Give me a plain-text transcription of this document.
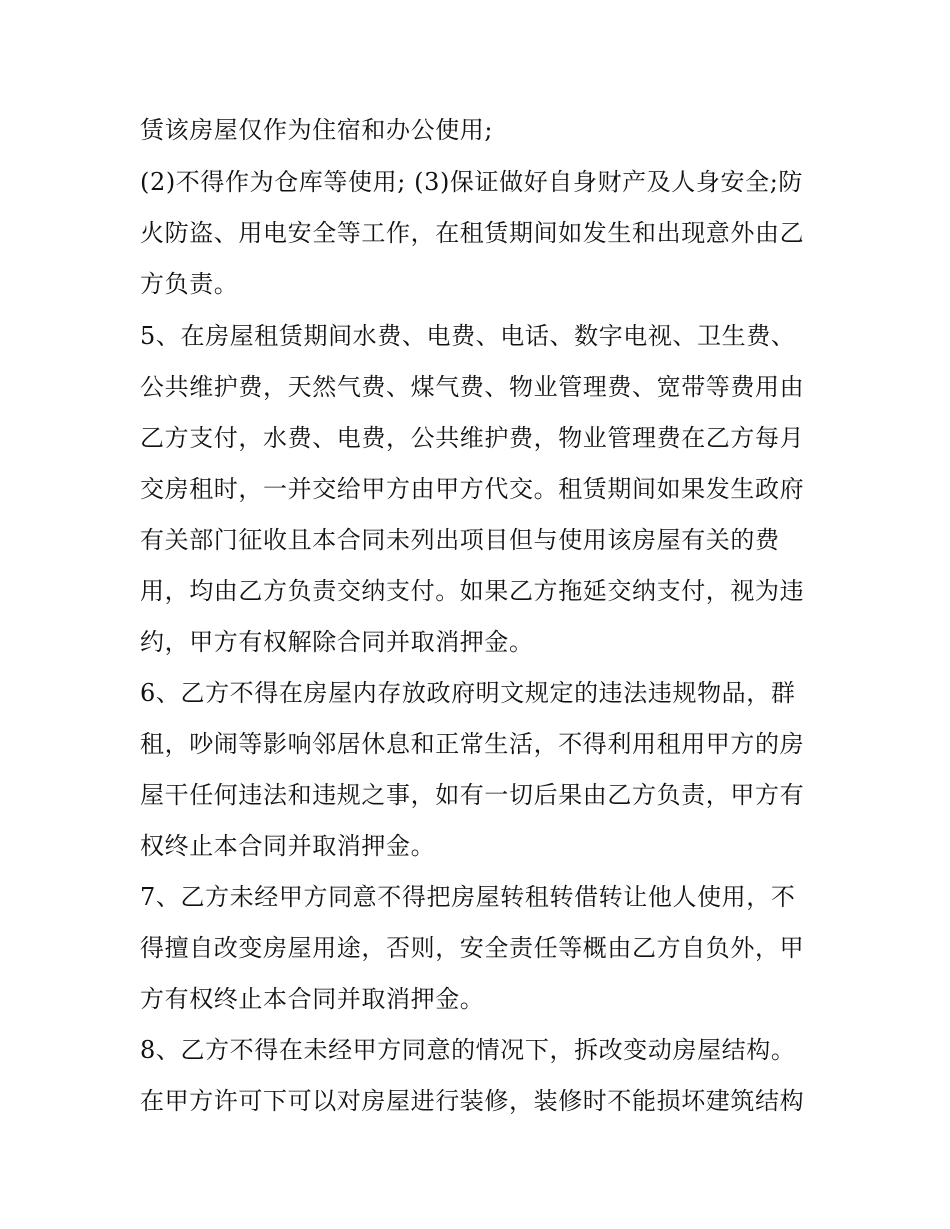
赁该房屋仅作为住宿和办公使用;
(2)不得作为仓库等使用; (3)保证做好自身财产及人身安全;防
火防盗、用电安全等工作，在租赁期间如发生和出现意外由乙
方负责。
5、在房屋租赁期间水费、电费、电话、数字电视、卫生费、
公共维护费，天然气费、煤气费、物业管理费、宽带等费用由
乙方支付，水费、电费，公共维护费，物业管理费在乙方每月
交房租时，一并交给甲方由甲方代交。租赁期间如果发生政府
有关部门征收且本合同未列出项目但与使用该房屋有关的费
用，均由乙方负责交纳支付。如果乙方拖延交纳支付，视为违
约，甲方有权解除合同并取消押金。
6、乙方不得在房屋内存放政府明文规定的违法违规物品，群
租，吵闹等影响邻居休息和正常生活，不得利用租用甲方的房
屋干任何违法和违规之事，如有一切后果由乙方负责，甲方有
权终止本合同并取消押金。
7、乙方未经甲方同意不得把房屋转租转借转让他人使用，不
得擅自改变房屋用途，否则，安全责任等概由乙方自负外，甲
方有权终止本合同并取消押金。
8、乙方不得在未经甲方同意的情况下，拆改变动房屋结构。
在甲方许可下可以对房屋进行装修，装修时不能损坏建筑结构
